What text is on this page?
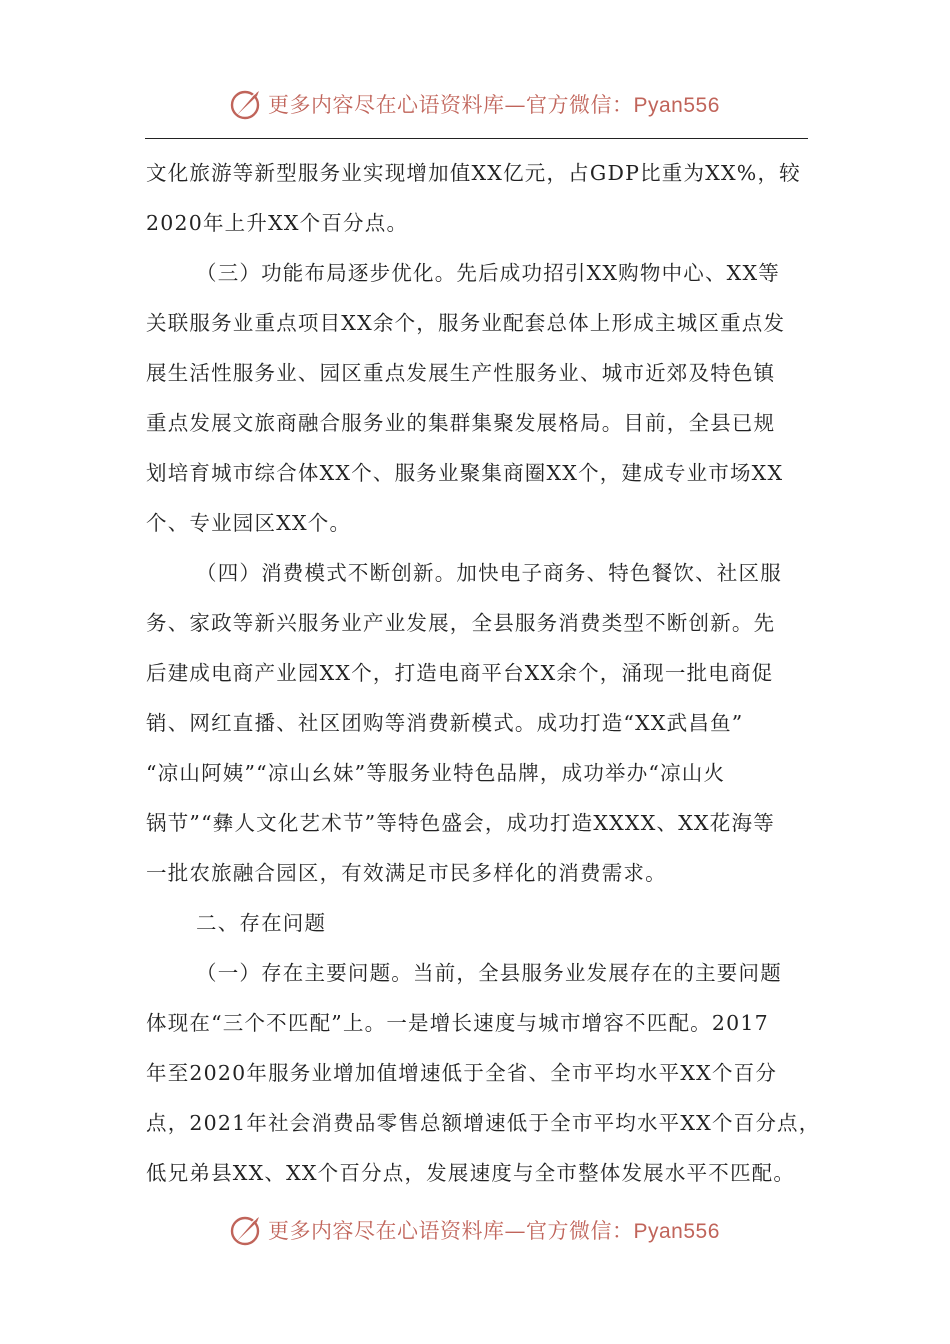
更多内容尽在心语资料库—官方微信：Pyan556
文化旅游等新型服务业实现增加值XX亿元，占GDP比重为XX%，较
2020年上升XX个百分点。
（三）功能布局逐步优化。先后成功招引XX购物中心、XX等
关联服务业重点项目XX余个，服务业配套总体上形成主城区重点发
展生活性服务业、园区重点发展生产性服务业、城市近郊及特色镇
重点发展文旅商融合服务业的集群集聚发展格局。目前，全县已规
划培育城市综合体XX个、服务业聚集商圈XX个，建成专业市场XX
个、专业园区XX个。
（四）消费模式不断创新。加快电子商务、特色餐饮、社区服
务、家政等新兴服务业产业发展，全县服务消费类型不断创新。先
后建成电商产业园XX个，打造电商平台XX余个，涌现一批电商促
销、网红直播、社区团购等消费新模式。成功打造“XX武昌鱼”
“凉山阿姨”“凉山幺妹”等服务业特色品牌，成功举办“凉山火
锅节”“彝人文化艺术节”等特色盛会，成功打造XXXX、XX花海等
一批农旅融合园区，有效满足市民多样化的消费需求。
二、存在问题
（一）存在主要问题。当前，全县服务业发展存在的主要问题
体现在“三个不匹配”上。一是增长速度与城市增容不匹配。2017
年至2020年服务业增加值增速低于全省、全市平均水平XX个百分
点，2021年社会消费品零售总额增速低于全市平均水平XX个百分点，
低兄弟县XX、XX个百分点，发展速度与全市整体发展水平不匹配。
更多内容尽在心语资料库—官方微信：Pyan556
